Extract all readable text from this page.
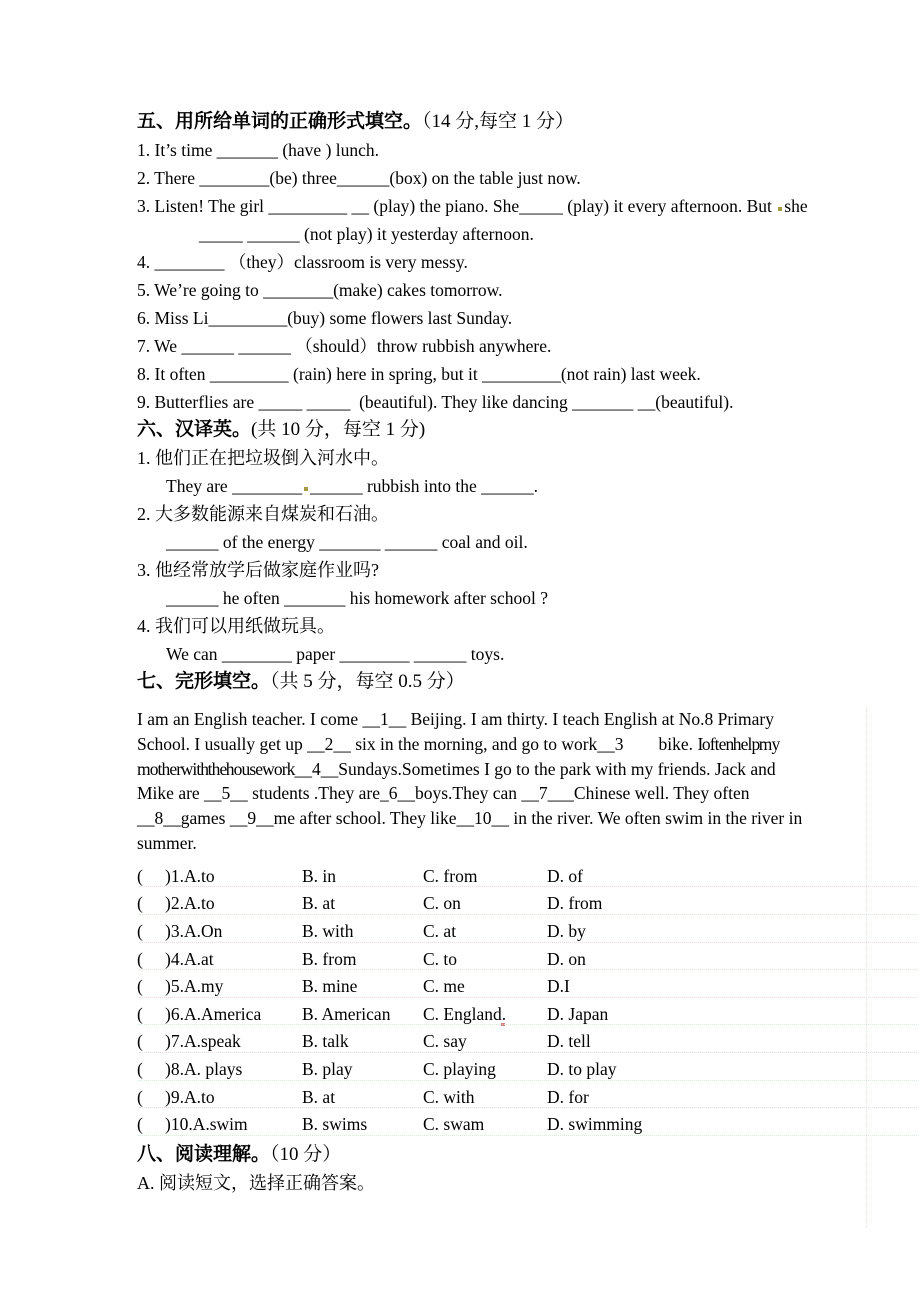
五、用所给单词的正确形式填空。（14 分,每空 1 分）
1. It’s time _______ (have ) lunch.
2. There ________(be) three______(box) on the table just now.
3. Listen! The girl _________ __ (play) the piano. She_____ (play) it every afternoon. But she
_____ ______ (not play) it yesterday afternoon.
4. ________ （they）classroom is very messy.
5. We’re going to ________(make) cakes tomorrow.
6. Miss Li_________(buy) some flowers last Sunday.
7. We ______ ______ （should）throw rubbish anywhere.
8. It often _________ (rain) here in spring, but it _________(not rain) last week.
9. Butterflies are _____ _____  (beautiful). They like dancing _______ __(beautiful).
六、汉译英。(共 10 分，每空 1 分)
1. 他们正在把垃圾倒入河水中。
They are ________ ______ rubbish into the ______.
2. 大多数能源来自煤炭和石油。
______ of the energy _______ ______ coal and oil.
3. 他经常放学后做家庭作业吗?
______ he often _______ his homework after school ?
4. 我们可以用纸做玩具。
We can ________ paper ________ ______ toys.
七、完形填空。（共 5 分，每空 0.5 分）
I am an English teacher. I come __1__ Beijing. I am thirty. I teach English at No.8 Primary
School. I usually get up __2__ six in the morning, and go to work__3        bike. I often help my
mother with the housework__4__Sundays.Sometimes I go to the park with my friends. Jack and
Mike are __5__ students .They are_6__boys.They can __7___Chinese well. They often
__8__games __9__me after school. They like__10__ in the river. We often swim in the river in
summer.
( )1.A.to	B. in	C. from	D. of
( )2.A.to	B. at	C. on	D. from
( )3.A.On	B. with	C. at	D. by
( )4.A.at	B. from	C. to	D. on
( )5.A.my	B. mine	C. me	D.I
( )6.A.America B. American C. England. D. Japan
( )7.A.speak	B. talk	C. say	D. tell
( )8.A. plays	B. play	C. playing	D. to play
( )9.A.to	B. at	C. with	D. for
( )10.A.swim	B. swims	C. swam	D. swimming
八、阅读理解。（10 分）
A. 阅读短文，选择正确答案。
